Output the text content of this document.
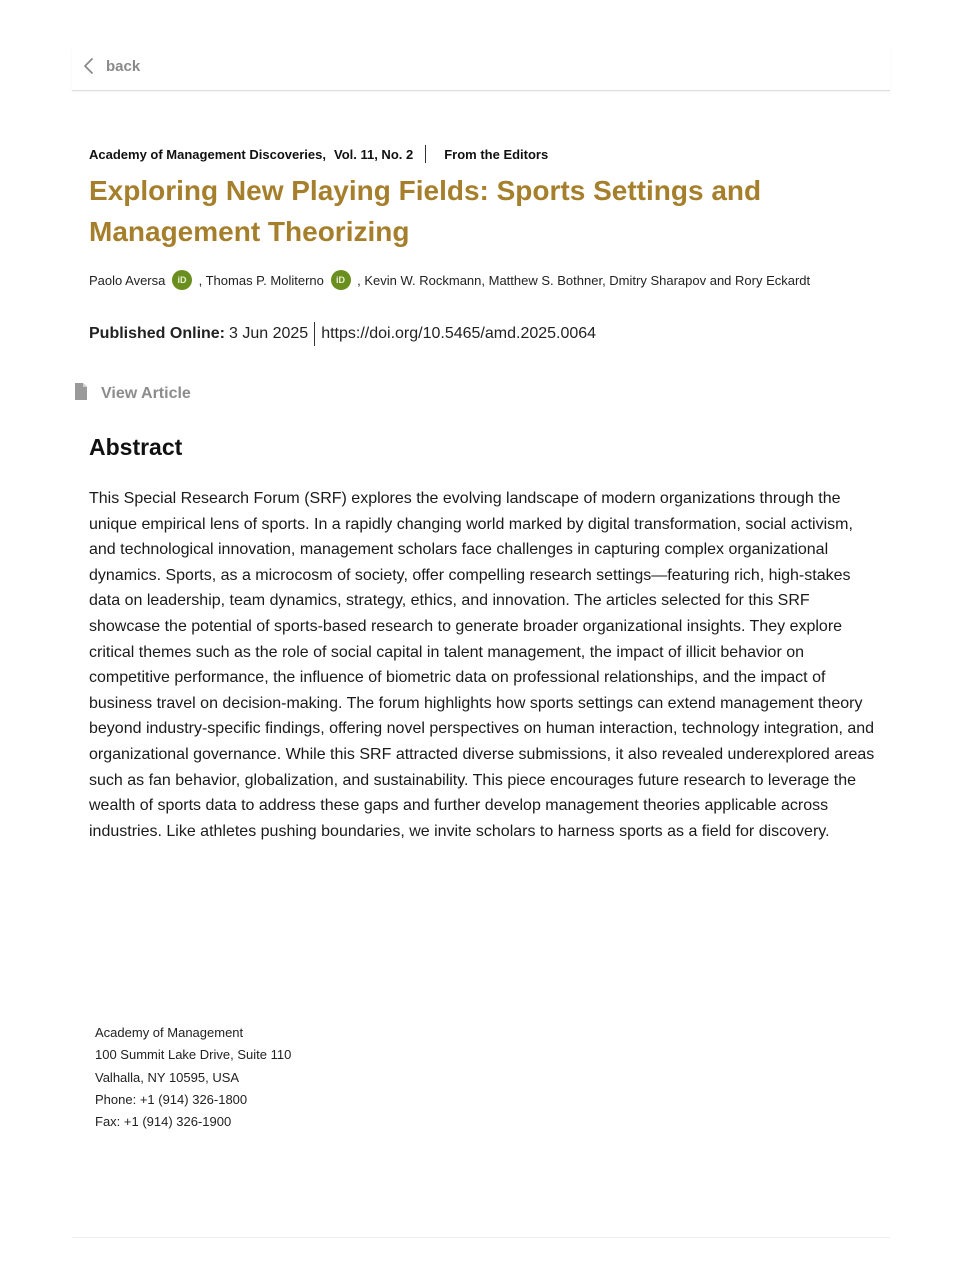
back
Academy of Management Discoveries, Vol. 11, No. 2 From the Editors
Exploring New Playing Fields: Sports Settings and Management Theorizing
Paolo Aversa iD , Thomas P. Moliterno iD , Kevin W. Rockmann, Matthew S. Bothner, Dmitry Sharapov and Rory Eckardt
Published Online: 3 Jun 2025 https://doi.org/10.5465/amd.2025.0064
View Article
Abstract

This Special Research Forum (SRF) explores the evolving landscape of modern organizations through the unique empirical lens of sports. In a rapidly changing world marked by digital transformation, social activism, and technological innovation, management scholars face challenges in capturing complex organizational dynamics. Sports, as a microcosm of society, offer compelling research settings—featuring rich, high-stakes data on leadership, team dynamics, strategy, ethics, and innovation. The articles selected for this SRF showcase the potential of sports-based research to generate broader organizational insights. They explore critical themes such as the role of social capital in talent management, the impact of illicit behavior on competitive performance, the influence of biometric data on professional relationships, and the impact of business travel on decision-making. The forum highlights how sports settings can extend management theory beyond industry-specific findings, offering novel perspectives on human interaction, technology integration, and organizational governance. While this SRF attracted diverse submissions, it also revealed underexplored areas such as fan behavior, globalization, and sustainability. This piece encourages future research to leverage the wealth of sports data to address these gaps and further develop management theories applicable across industries. Like athletes pushing boundaries, we invite scholars to harness sports as a field for discovery.

Academy of Management
100 Summit Lake Drive, Suite 110
Valhalla, NY 10595, USA
Phone: +1 (914) 326-1800
Fax: +1 (914) 326-1900
